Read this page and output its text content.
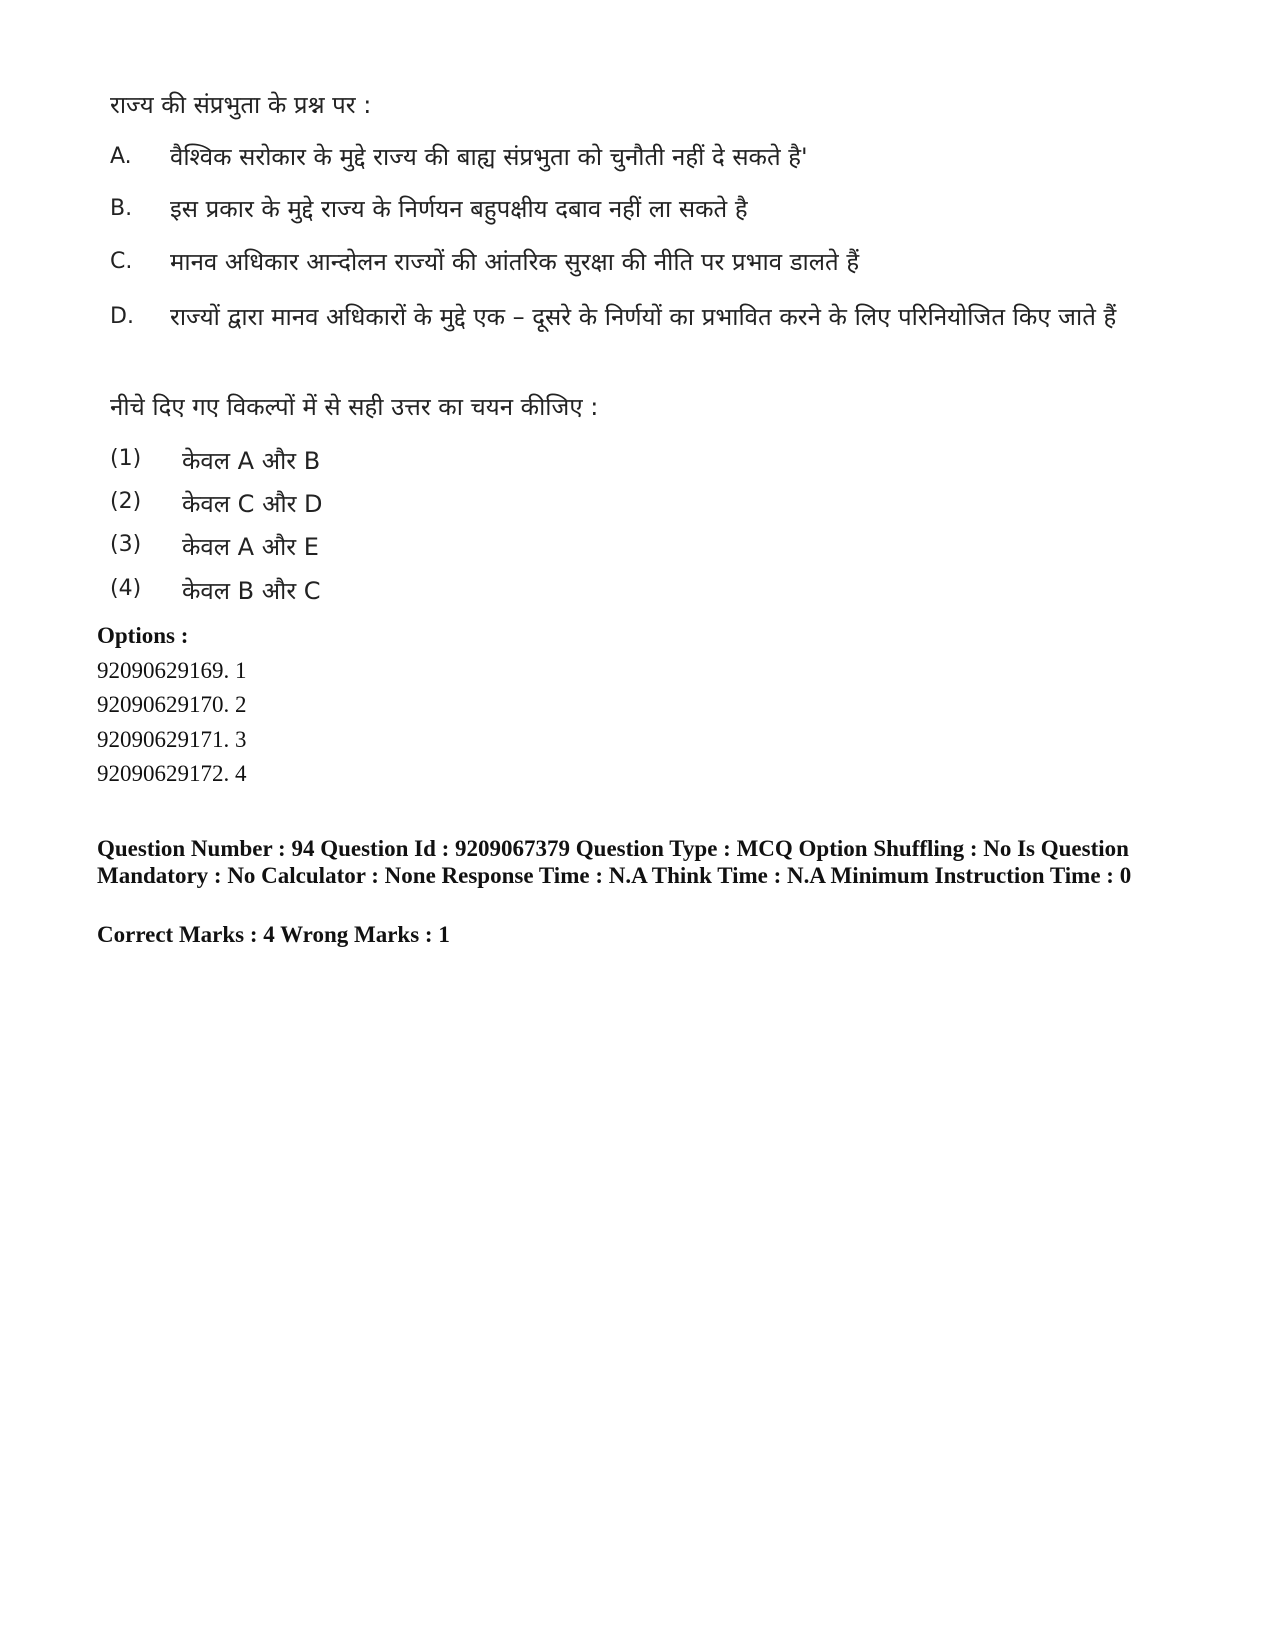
राज्य की संप्रभुता के प्रश्न पर :
A. वैश्विक सरोकार के मुद्दे राज्य की बाह्य संप्रभुता को चुनौती नहीं दे सकते है'
B. इस प्रकार के मुद्दे राज्य के निर्णयन बहुपक्षीय दबाव नहीं ला सकते है
C. मानव अधिकार आन्दोलन राज्यों की आंतरिक सुरक्षा की नीति पर प्रभाव डालते हैं
D. राज्यों द्वारा मानव अधिकारों के मुद्दे एक – दूसरे के निर्णयों का प्रभावित करने के लिए परिनियोजित किए जाते हैं
नीचे दिए गए विकल्पों में से सही उत्तर का चयन कीजिए :
(1) केवल A और B
(2) केवल C और D
(3) केवल A और E
(4) केवल B और C
Options :
92090629169. 1
92090629170. 2
92090629171. 3
92090629172. 4
Question Number : 94 Question Id : 9209067379 Question Type : MCQ Option Shuffling : No Is Question Mandatory : No Calculator : None Response Time : N.A Think Time : N.A Minimum Instruction Time : 0
Correct Marks : 4 Wrong Marks : 1
